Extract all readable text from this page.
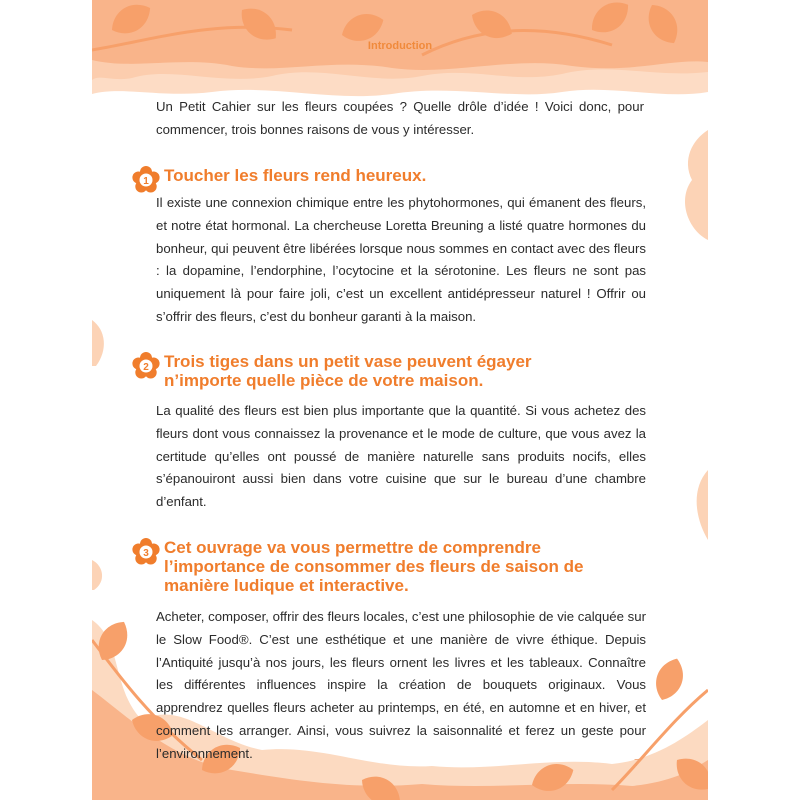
Introduction

Un Petit Cahier sur les fleurs coupées ? Quelle drôle d’idée ! Voici donc, pour commencer, trois bonnes raisons de vous y intéresser.

1 Toucher les fleurs rend heureux.

Il existe une connexion chimique entre les phytohormones, qui émanent des fleurs, et notre état hormonal. La chercheuse Loretta Breuning a listé quatre hormones du bonheur, qui peuvent être libérées lorsque nous sommes en contact avec des fleurs : la dopamine, l’endorphine, l’ocytocine et la sérotonine. Les fleurs ne sont pas uniquement là pour faire joli, c’est un excellent antidépresseur naturel ! Offrir ou s’offrir des fleurs, c’est du bonheur garanti à la maison.

2 Trois tiges dans un petit vase peuvent égayer n’importe quelle pièce de votre maison.

La qualité des fleurs est bien plus importante que la quantité. Si vous achetez des fleurs dont vous connaissez la provenance et le mode de culture, que vous avez la certitude qu’elles ont poussé de manière naturelle sans produits nocifs, elles s’épanouiront aussi bien dans votre cuisine que sur le bureau d’une chambre d’enfant.

3 Cet ouvrage va vous permettre de comprendre l’importance de consommer des fleurs de saison de manière ludique et interactive.

Acheter, composer, offrir des fleurs locales, c’est une philosophie de vie calquée sur le Slow Food®. C’est une esthétique et une manière de vivre éthique. Depuis l’Antiquité jusqu’à nos jours, les fleurs ornent les livres et les tableaux. Connaître les différentes influences inspire la création de bouquets originaux. Vous apprendrez quelles fleurs acheter au printemps, en été, en automne et en hiver, et comment les arranger. Ainsi, vous suivrez la saisonnalité et ferez un geste pour l’environnement.

7
